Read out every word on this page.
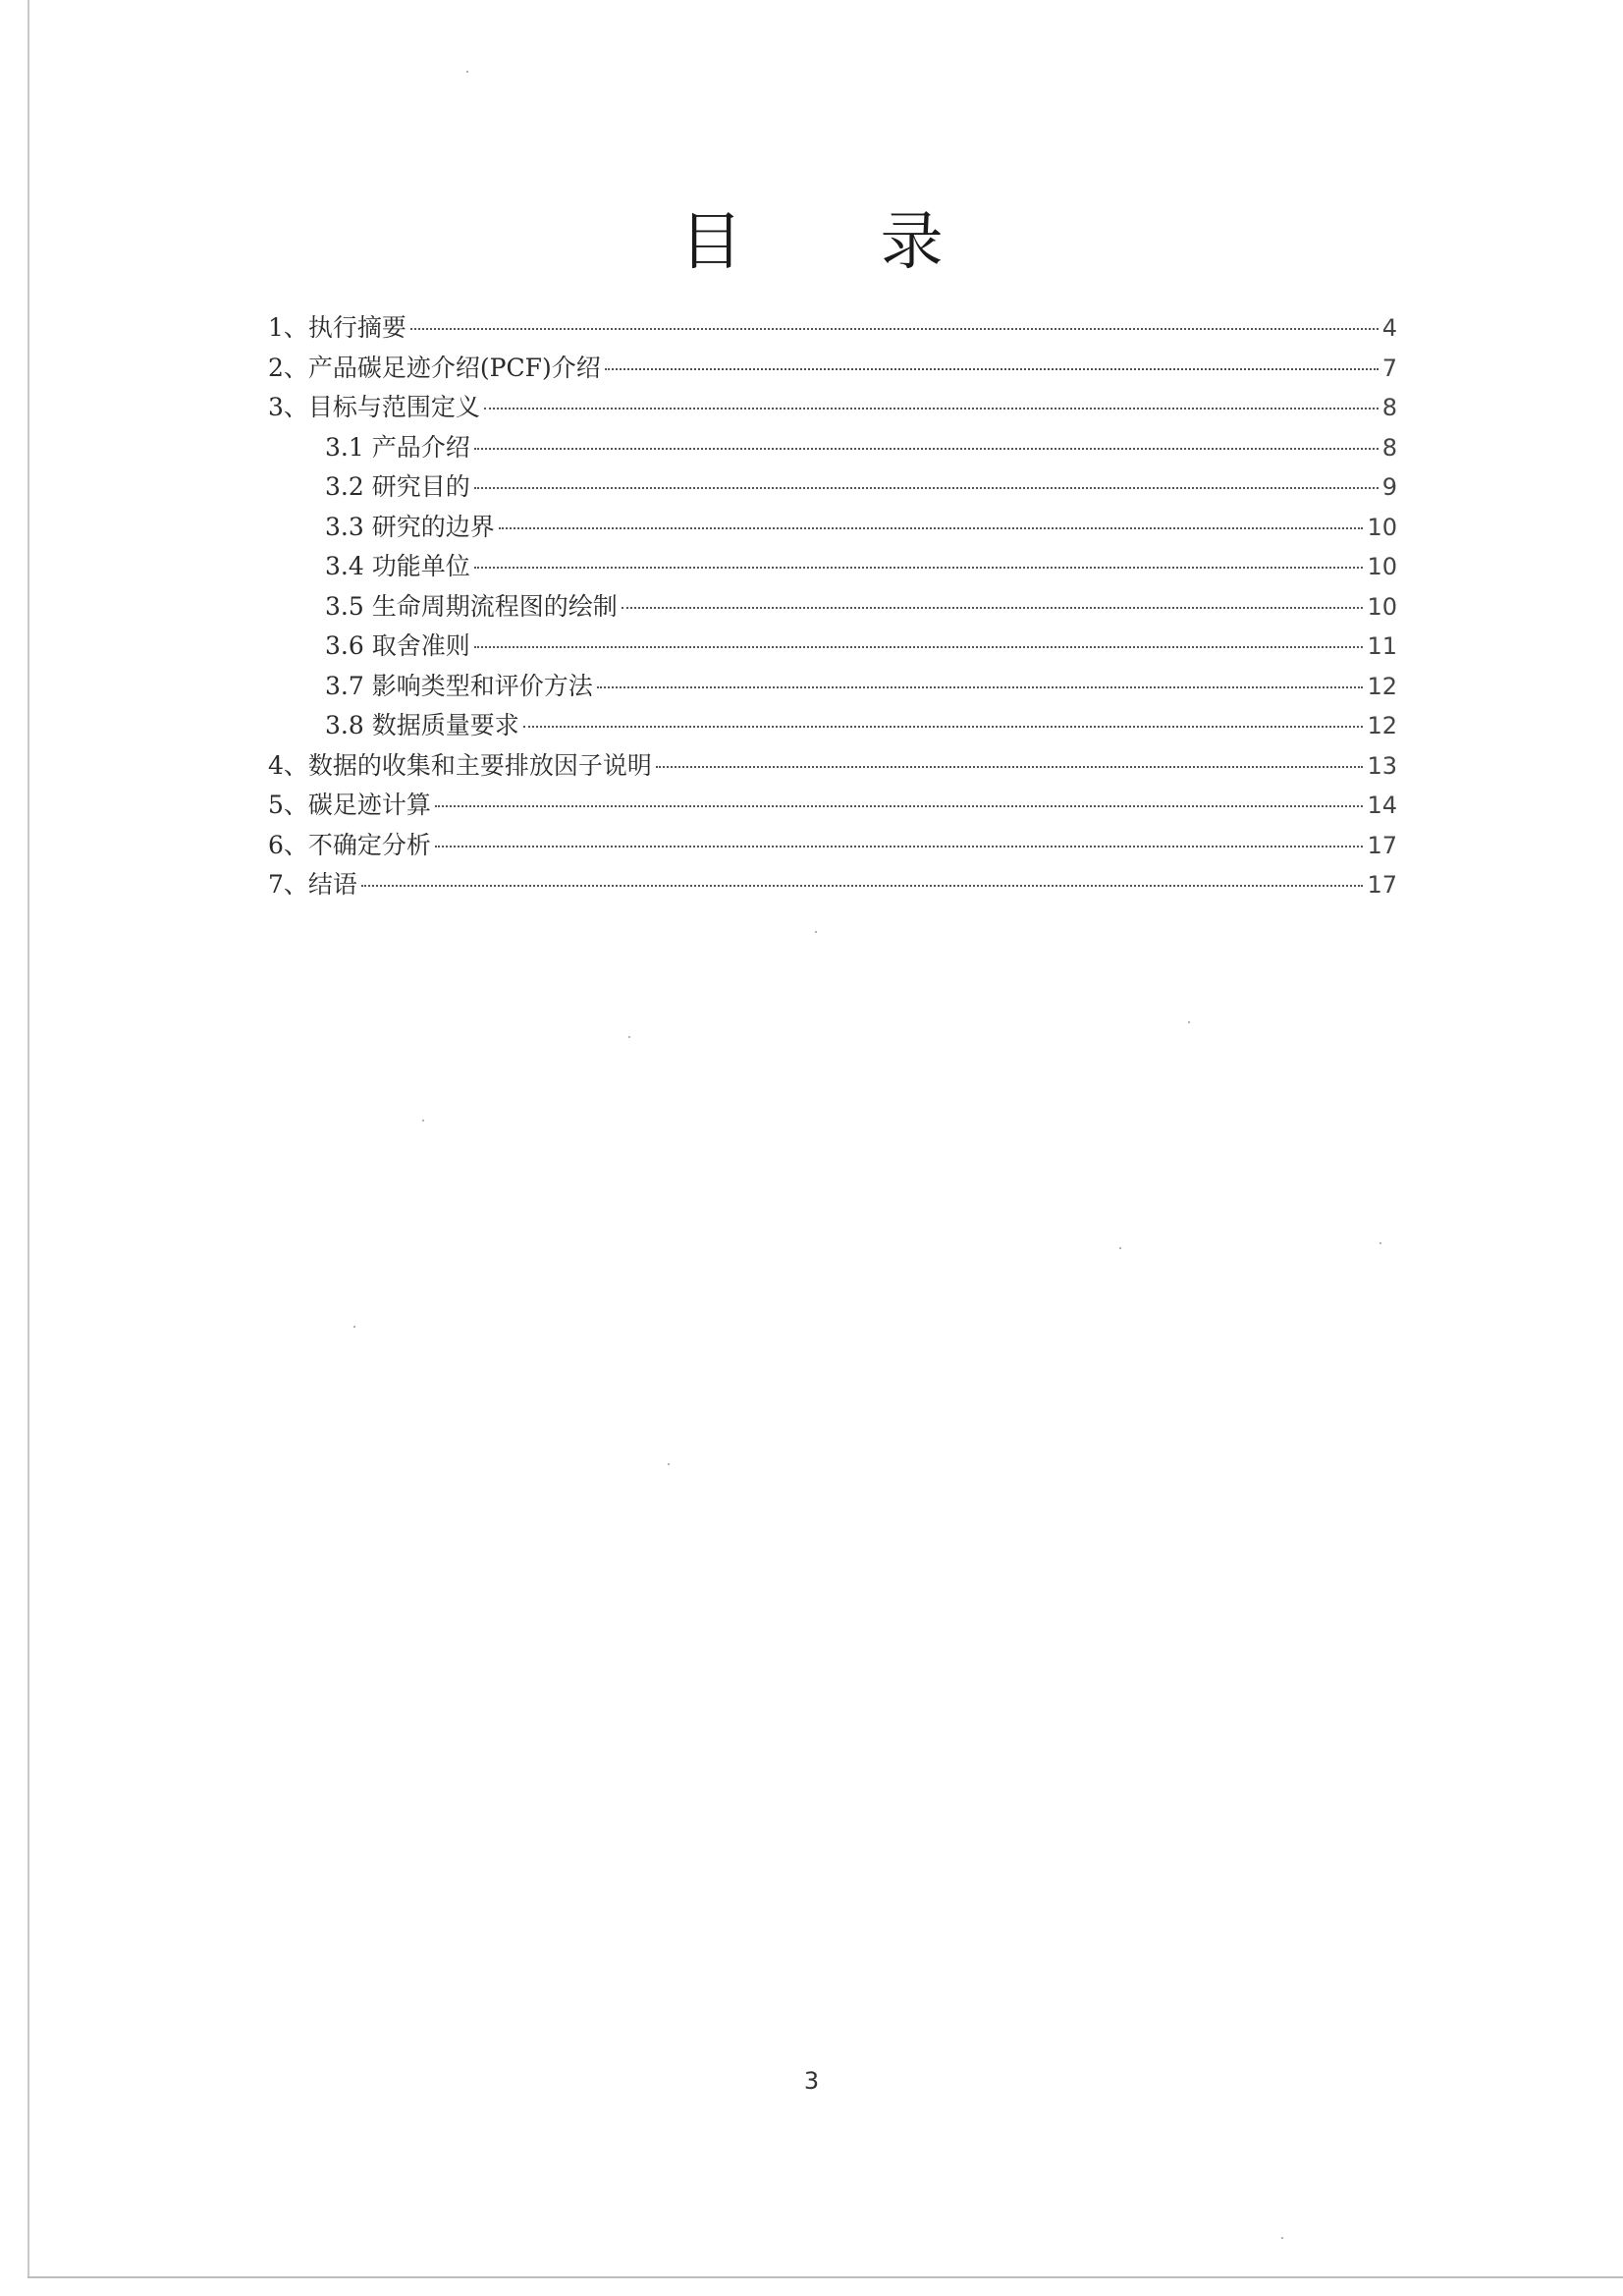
目 录
1、 执行摘要	4
2、 产品碳足迹介绍(PCF)介绍	7
3、 目标与范围定义	8
3.1 产品介绍	8
3.2 研究目的	9
3.3 研究的边界	10
3.4 功能单位	10
3.5 生命周期流程图的绘制	10
3.6 取舍准则	11
3.7 影响类型和评价方法	12
3.8 数据质量要求	12
4、 数据的收集和主要排放因子说明	13
5、 碳足迹计算	14
6、 不确定分析	17
7、 结语	17
3
